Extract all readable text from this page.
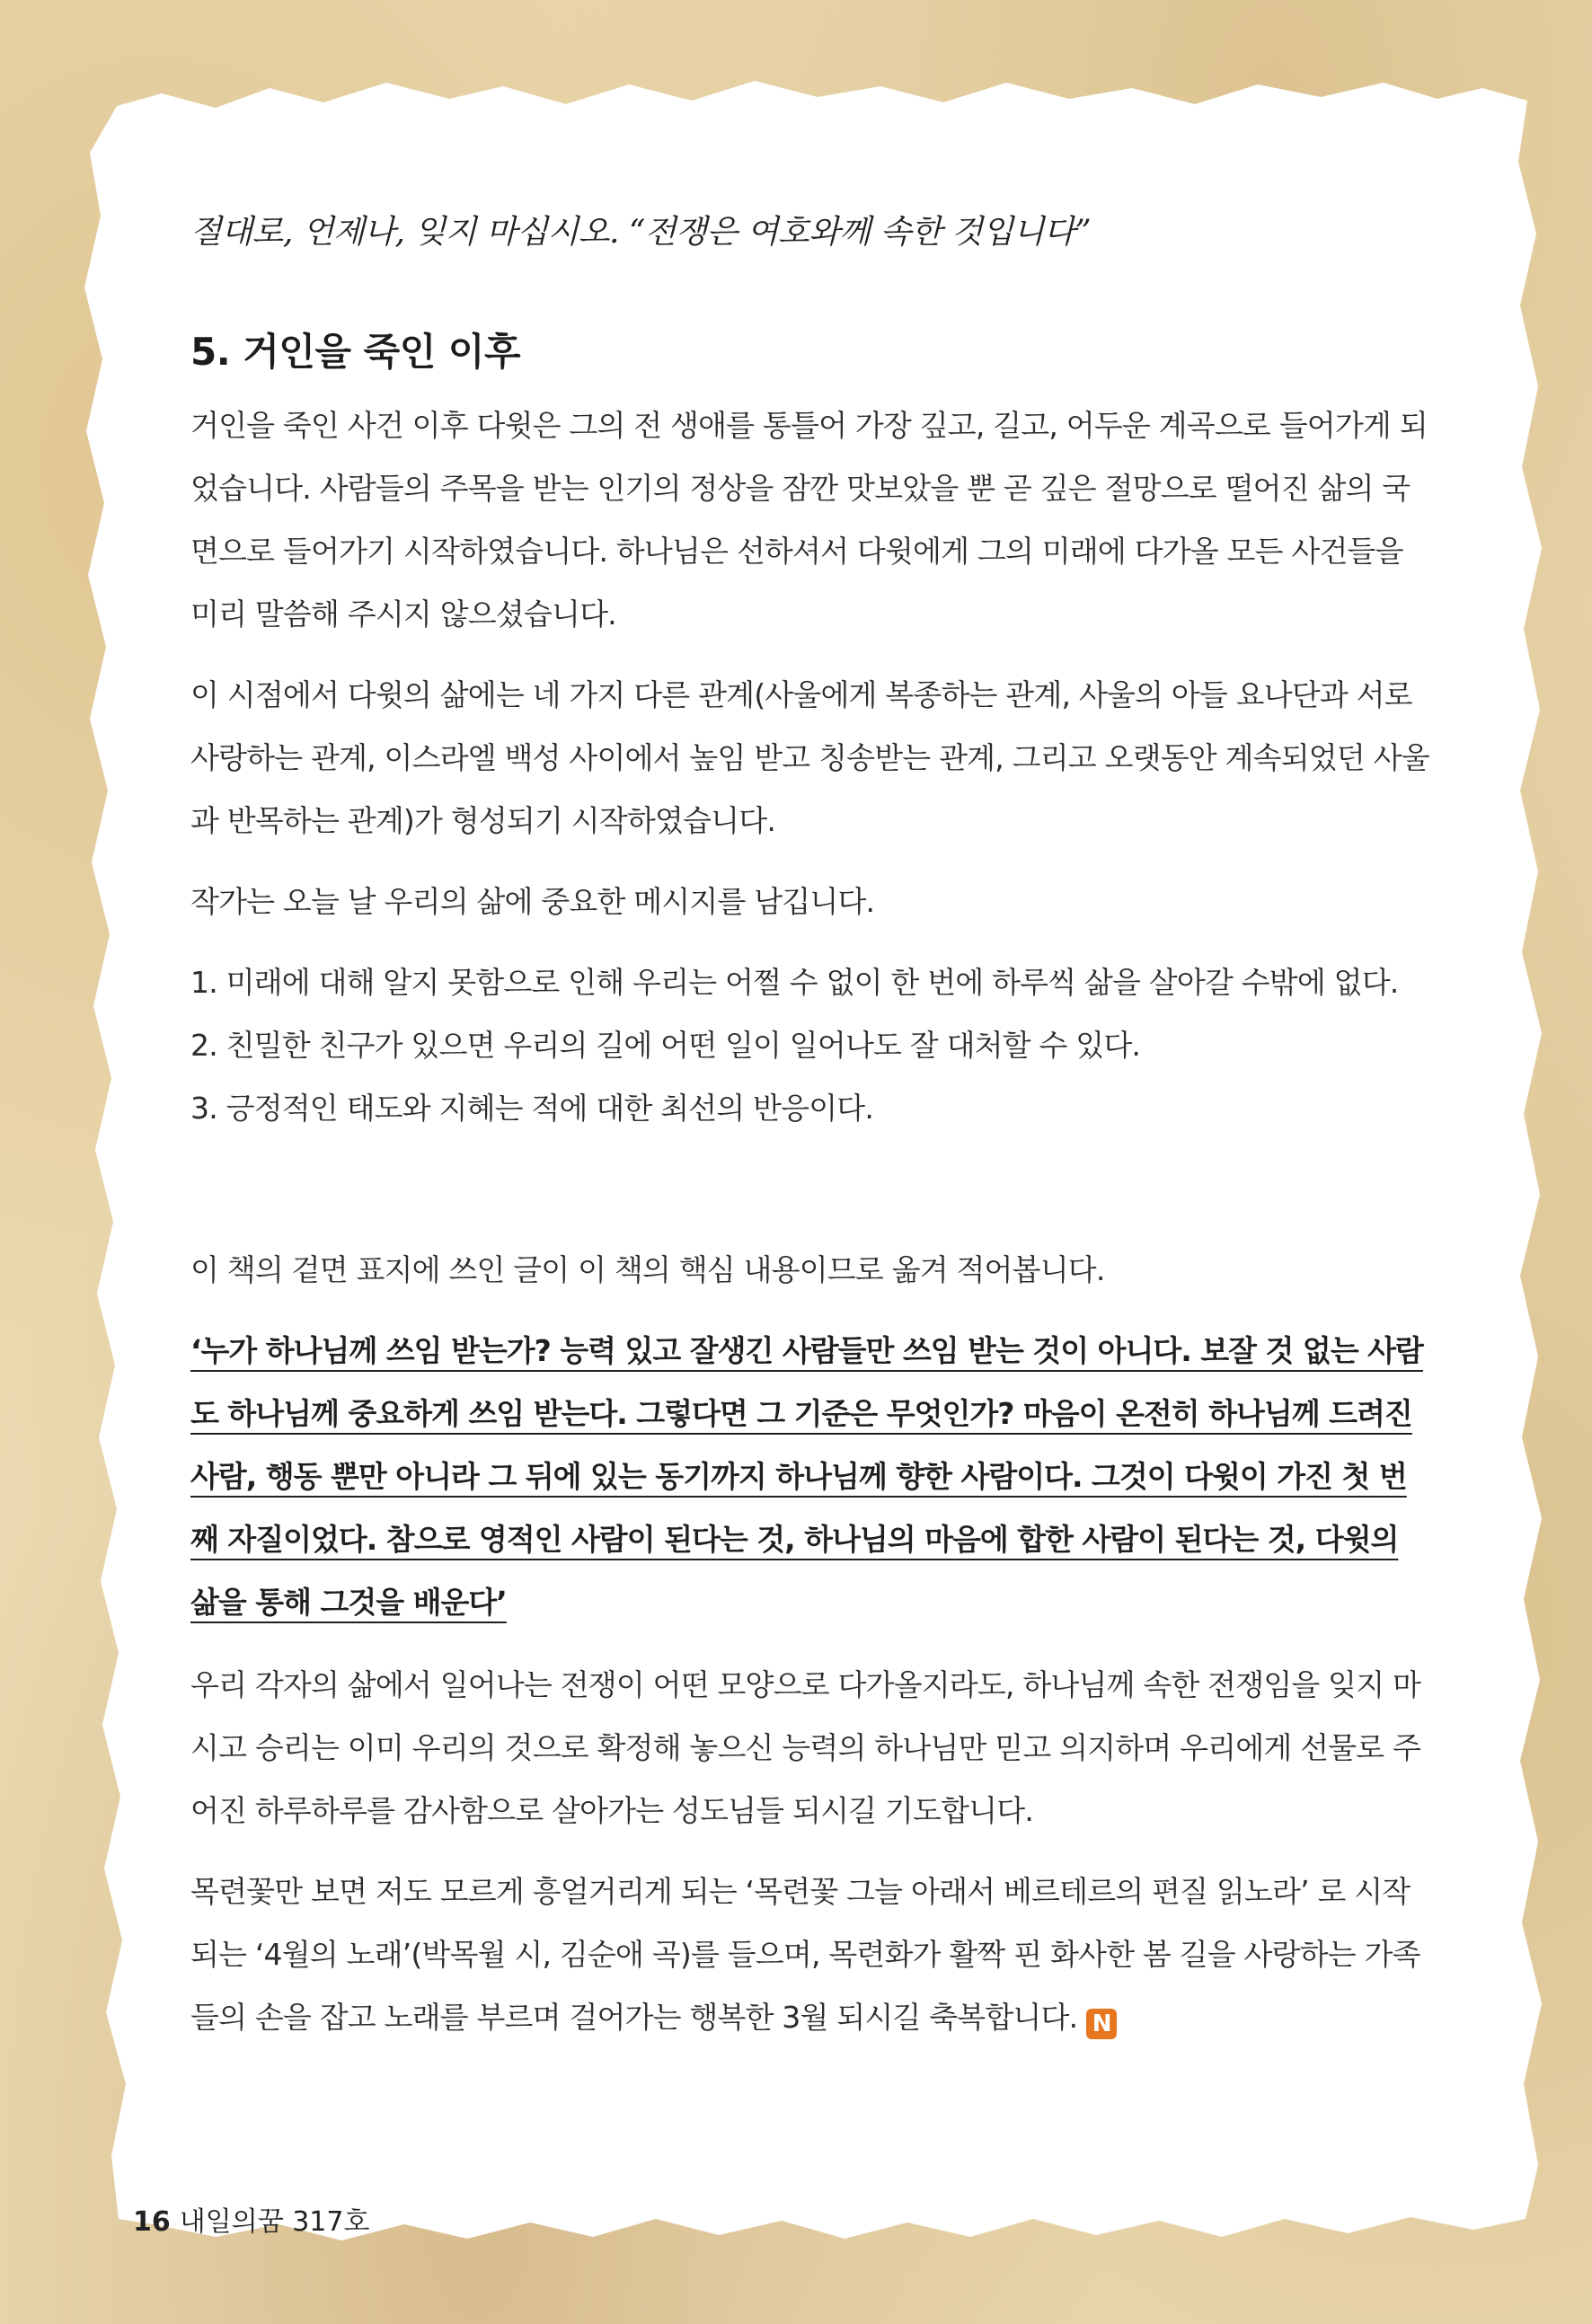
절대로, 언제나, 잊지 마십시오. “전쟁은 여호와께 속한 것입니다”

5. 거인을 죽인 이후

거인을 죽인 사건 이후 다윗은 그의 전 생애를 통틀어 가장 깊고, 길고, 어두운 계곡으로 들어가게 되었습니다. 사람들의 주목을 받는 인기의 정상을 잠깐 맛보았을 뿐 곧 깊은 절망으로 떨어진 삶의 국면으로 들어가기 시작하였습니다. 하나님은 선하셔서 다윗에게 그의 미래에 다가올 모든 사건들을 미리 말씀해 주시지 않으셨습니다.

이 시점에서 다윗의 삶에는 네 가지 다른 관계(사울에게 복종하는 관계, 사울의 아들 요나단과 서로 사랑하는 관계, 이스라엘 백성 사이에서 높임 받고 칭송받는 관계, 그리고 오랫동안 계속되었던 사울과 반목하는 관계)가 형성되기 시작하였습니다.

작가는 오늘 날 우리의 삶에 중요한 메시지를 남깁니다.

1. 미래에 대해 알지 못함으로 인해 우리는 어쩔 수 없이 한 번에 하루씩 삶을 살아갈 수밖에 없다.
2. 친밀한 친구가 있으면 우리의 길에 어떤 일이 일어나도 잘 대처할 수 있다.
3. 긍정적인 태도와 지혜는 적에 대한 최선의 반응이다.

이 책의 겉면 표지에 쓰인 글이 이 책의 핵심 내용이므로 옮겨 적어봅니다.

‘누가 하나님께 쓰임 받는가? 능력 있고 잘생긴 사람들만 쓰임 받는 것이 아니다. 보잘 것 없는 사람도 하나님께 중요하게 쓰임 받는다. 그렇다면 그 기준은 무엇인가? 마음이 온전히 하나님께 드려진 사람, 행동 뿐만 아니라 그 뒤에 있는 동기까지 하나님께 향한 사람이다. 그것이 다윗이 가진 첫 번째 자질이었다. 참으로 영적인 사람이 된다는 것, 하나님의 마음에 합한 사람이 된다는 것, 다윗의 삶을 통해 그것을 배운다’

우리 각자의 삶에서 일어나는 전쟁이 어떤 모양으로 다가올지라도, 하나님께 속한 전쟁임을 잊지 마시고 승리는 이미 우리의 것으로 확정해 놓으신 능력의 하나님만 믿고 의지하며 우리에게 선물로 주어진 하루하루를 감사함으로 살아가는 성도님들 되시길 기도합니다.

목련꽃만 보면 저도 모르게 흥얼거리게 되는 ‘목련꽃 그늘 아래서 베르테르의 편질 읽노라’ 로 시작되는 ‘4월의 노래’(박목월 시, 김순애 곡)를 들으며, 목련화가 활짝 핀 화사한 봄 길을 사랑하는 가족들의 손을 잡고 노래를 부르며 걸어가는 행복한 3월 되시길 축복합니다. N

16 내일의꿈 317호
